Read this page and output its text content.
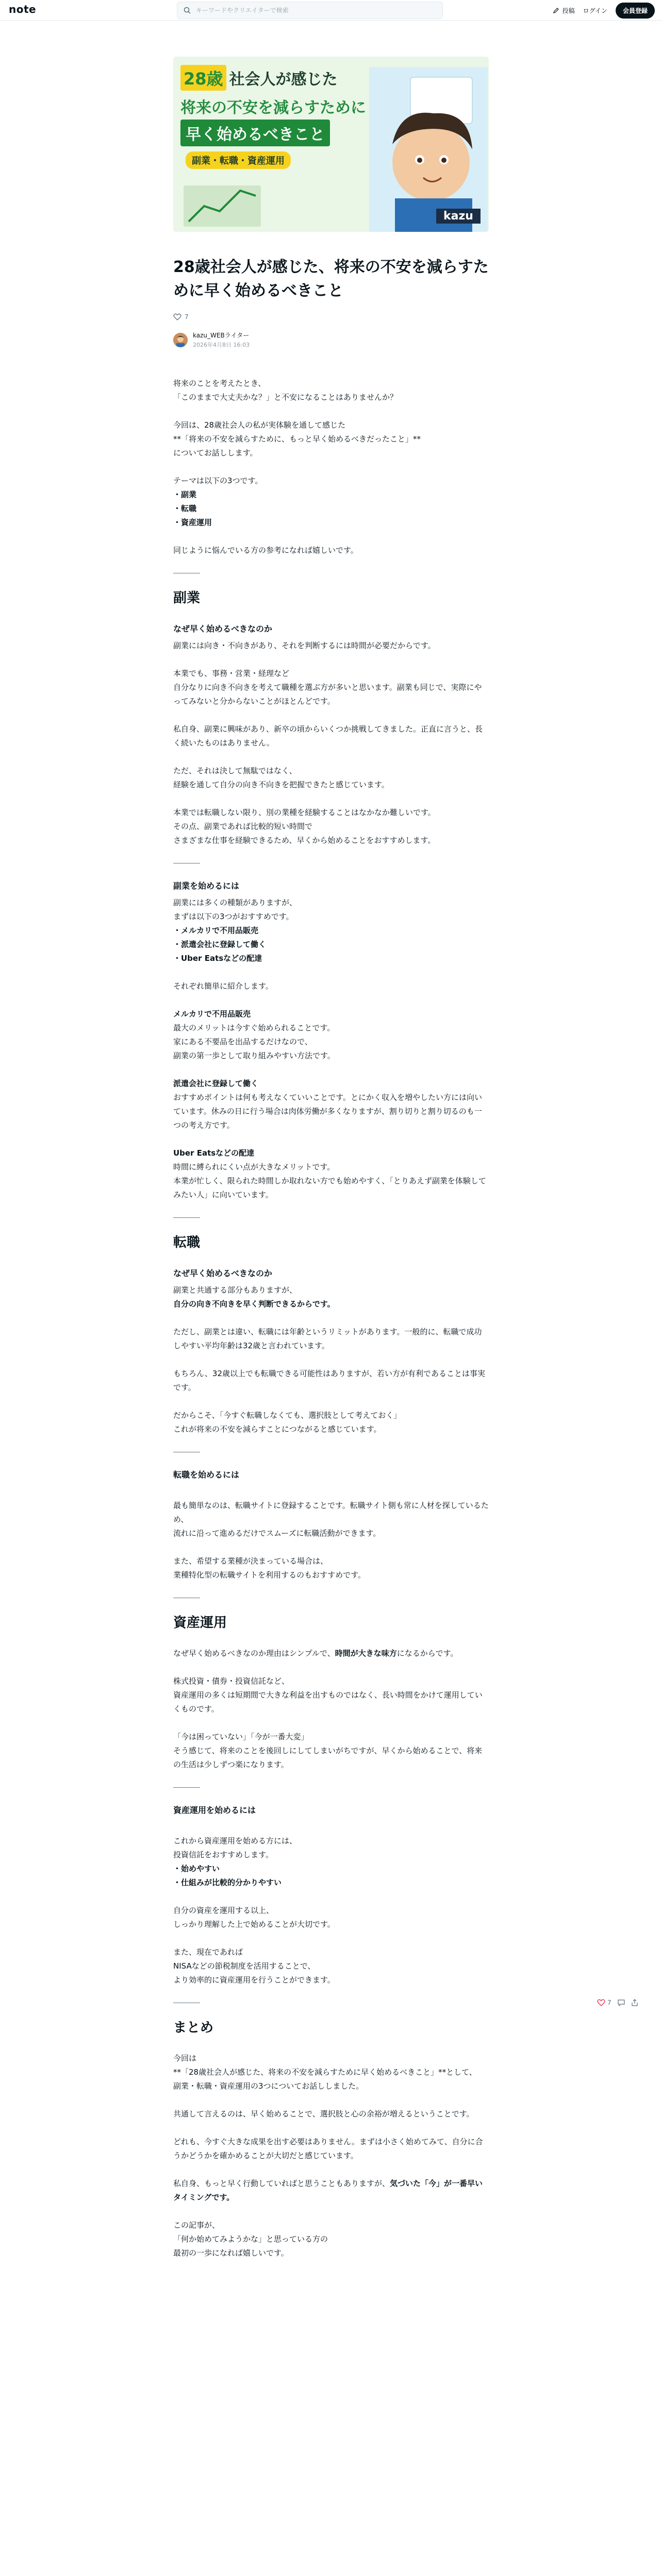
note
キーワードやクリエイターで検索	投稿 ログイン	会員登録
28歳 社会人が感じた
将来の不安を減らすために
早く始めるべきこと
副業・転職・資産運用
kazu
28歳社会人が感じた、将来の不安を減らすために早く始めるべきこと
7
kazu_WEBライター
2026年4月8日 16:03

将来のことを考えたとき、

「このままで大丈夫かな？」と不安になることはありませんか？

今回は、28歳社会人の私が実体験を通して感じた

**「将来の不安を減らすために、もっと早く始めるべきだったこと」**

についてお話しします。

テーマは以下の3つです。

・副業

・転職

・資産運用

同じように悩んでいる方の参考になれば嬉しいです。

副業
なぜ早く始めるべきなのか

副業には向き・不向きがあり、それを判断するには時間が必要だからです。

本業でも、事務・営業・経理など

自分なりに向き不向きを考えて職種を選ぶ方が多いと思います。副業も同じで、実際にやってみないと分からないことがほとんどです。

私自身、副業に興味があり、新卒の頃からいくつか挑戦してきました。正直に言うと、長く続いたものはありません。

ただ、それは決して無駄ではなく、

経験を通して自分の向き不向きを把握できたと感じています。

本業では転職しない限り、別の業種を経験することはなかなか難しいです。

その点、副業であれば比較的短い時間で

さまざまな仕事を経験できるため、早くから始めることをおすすめします。

副業を始めるには

副業には多くの種類がありますが、

まずは以下の3つがおすすめです。

・メルカリで不用品販売

・派遣会社に登録して働く

・Uber Eatsなどの配達

それぞれ簡単に紹介します。

メルカリで不用品販売

最大のメリットは今すぐ始められることです。

家にある不要品を出品するだけなので、

副業の第一歩として取り組みやすい方法です。

派遣会社に登録して働く

おすすめポイントは何も考えなくていいことです。とにかく収入を増やしたい方には向いています。休みの日に行う場合は肉体労働が多くなりますが、割り切りと割り切るのも一つの考え方です。

Uber Eatsなどの配達

時間に縛られにくい点が大きなメリットです。

本業が忙しく、限られた時間しか取れない方でも始めやすく、「とりあえず副業を体験してみたい人」に向いています。

転職
なぜ早く始めるべきなのか

副業と共通する部分もありますが、

自分の向き不向きを早く判断できるからです。

ただし、副業とは違い、転職には年齢というリミットがあります。一般的に、転職で成功しやすい平均年齢は32歳と言われています。

もちろん、32歳以上でも転職できる可能性はありますが、若い方が有利であることは事実です。

だからこそ、「今すぐ転職しなくても、選択肢として考えておく」

これが将来の不安を減らすことにつながると感じています。

転職を始めるには

最も簡単なのは、転職サイトに登録することです。転職サイト側も常に人材を探しているため、

流れに沿って進めるだけでスムーズに転職活動ができます。

また、希望する業種が決まっている場合は、

業種特化型の転職サイトを利用するのもおすすめです。

資産運用

なぜ早く始めるべきなのか理由はシンプルで、時間が大きな味方になるからです。

株式投資・債券・投資信託など、

資産運用の多くは短期間で大きな利益を出すものではなく、長い時間をかけて運用していくものです。

「今は困っていない」「今が一番大変」

そう感じて、将来のことを後回しにしてしまいがちですが、早くから始めることで、将来の生活は少しずつ楽になります。

資産運用を始めるには

これから資産運用を始める方には、

投資信託をおすすめします。

・始めやすい

・仕組みが比較的分かりやすい

自分の資産を運用する以上、

しっかり理解した上で始めることが大切です。

また、現在であれば

NISAなどの節税制度を活用することで、

より効率的に資産運用を行うことができます。

まとめ

今回は

**「28歳社会人が感じた、将来の不安を減らすために早く始めるべきこと」**として、

副業・転職・資産運用の3つについてお話ししました。

共通して言えるのは、早く始めることで、選択肢と心の余裕が増えるということです。

どれも、今すぐ大きな成果を出す必要はありません。まずは小さく始めてみて、自分に合うかどうかを確かめることが大切だと感じています。

私自身、もっと早く行動していればと思うこともありますが、気づいた「今」が一番早いタイミングです。

この記事が、

「何か始めてみようかな」と思っている方の

最初の一歩になれば嬉しいです。

7
